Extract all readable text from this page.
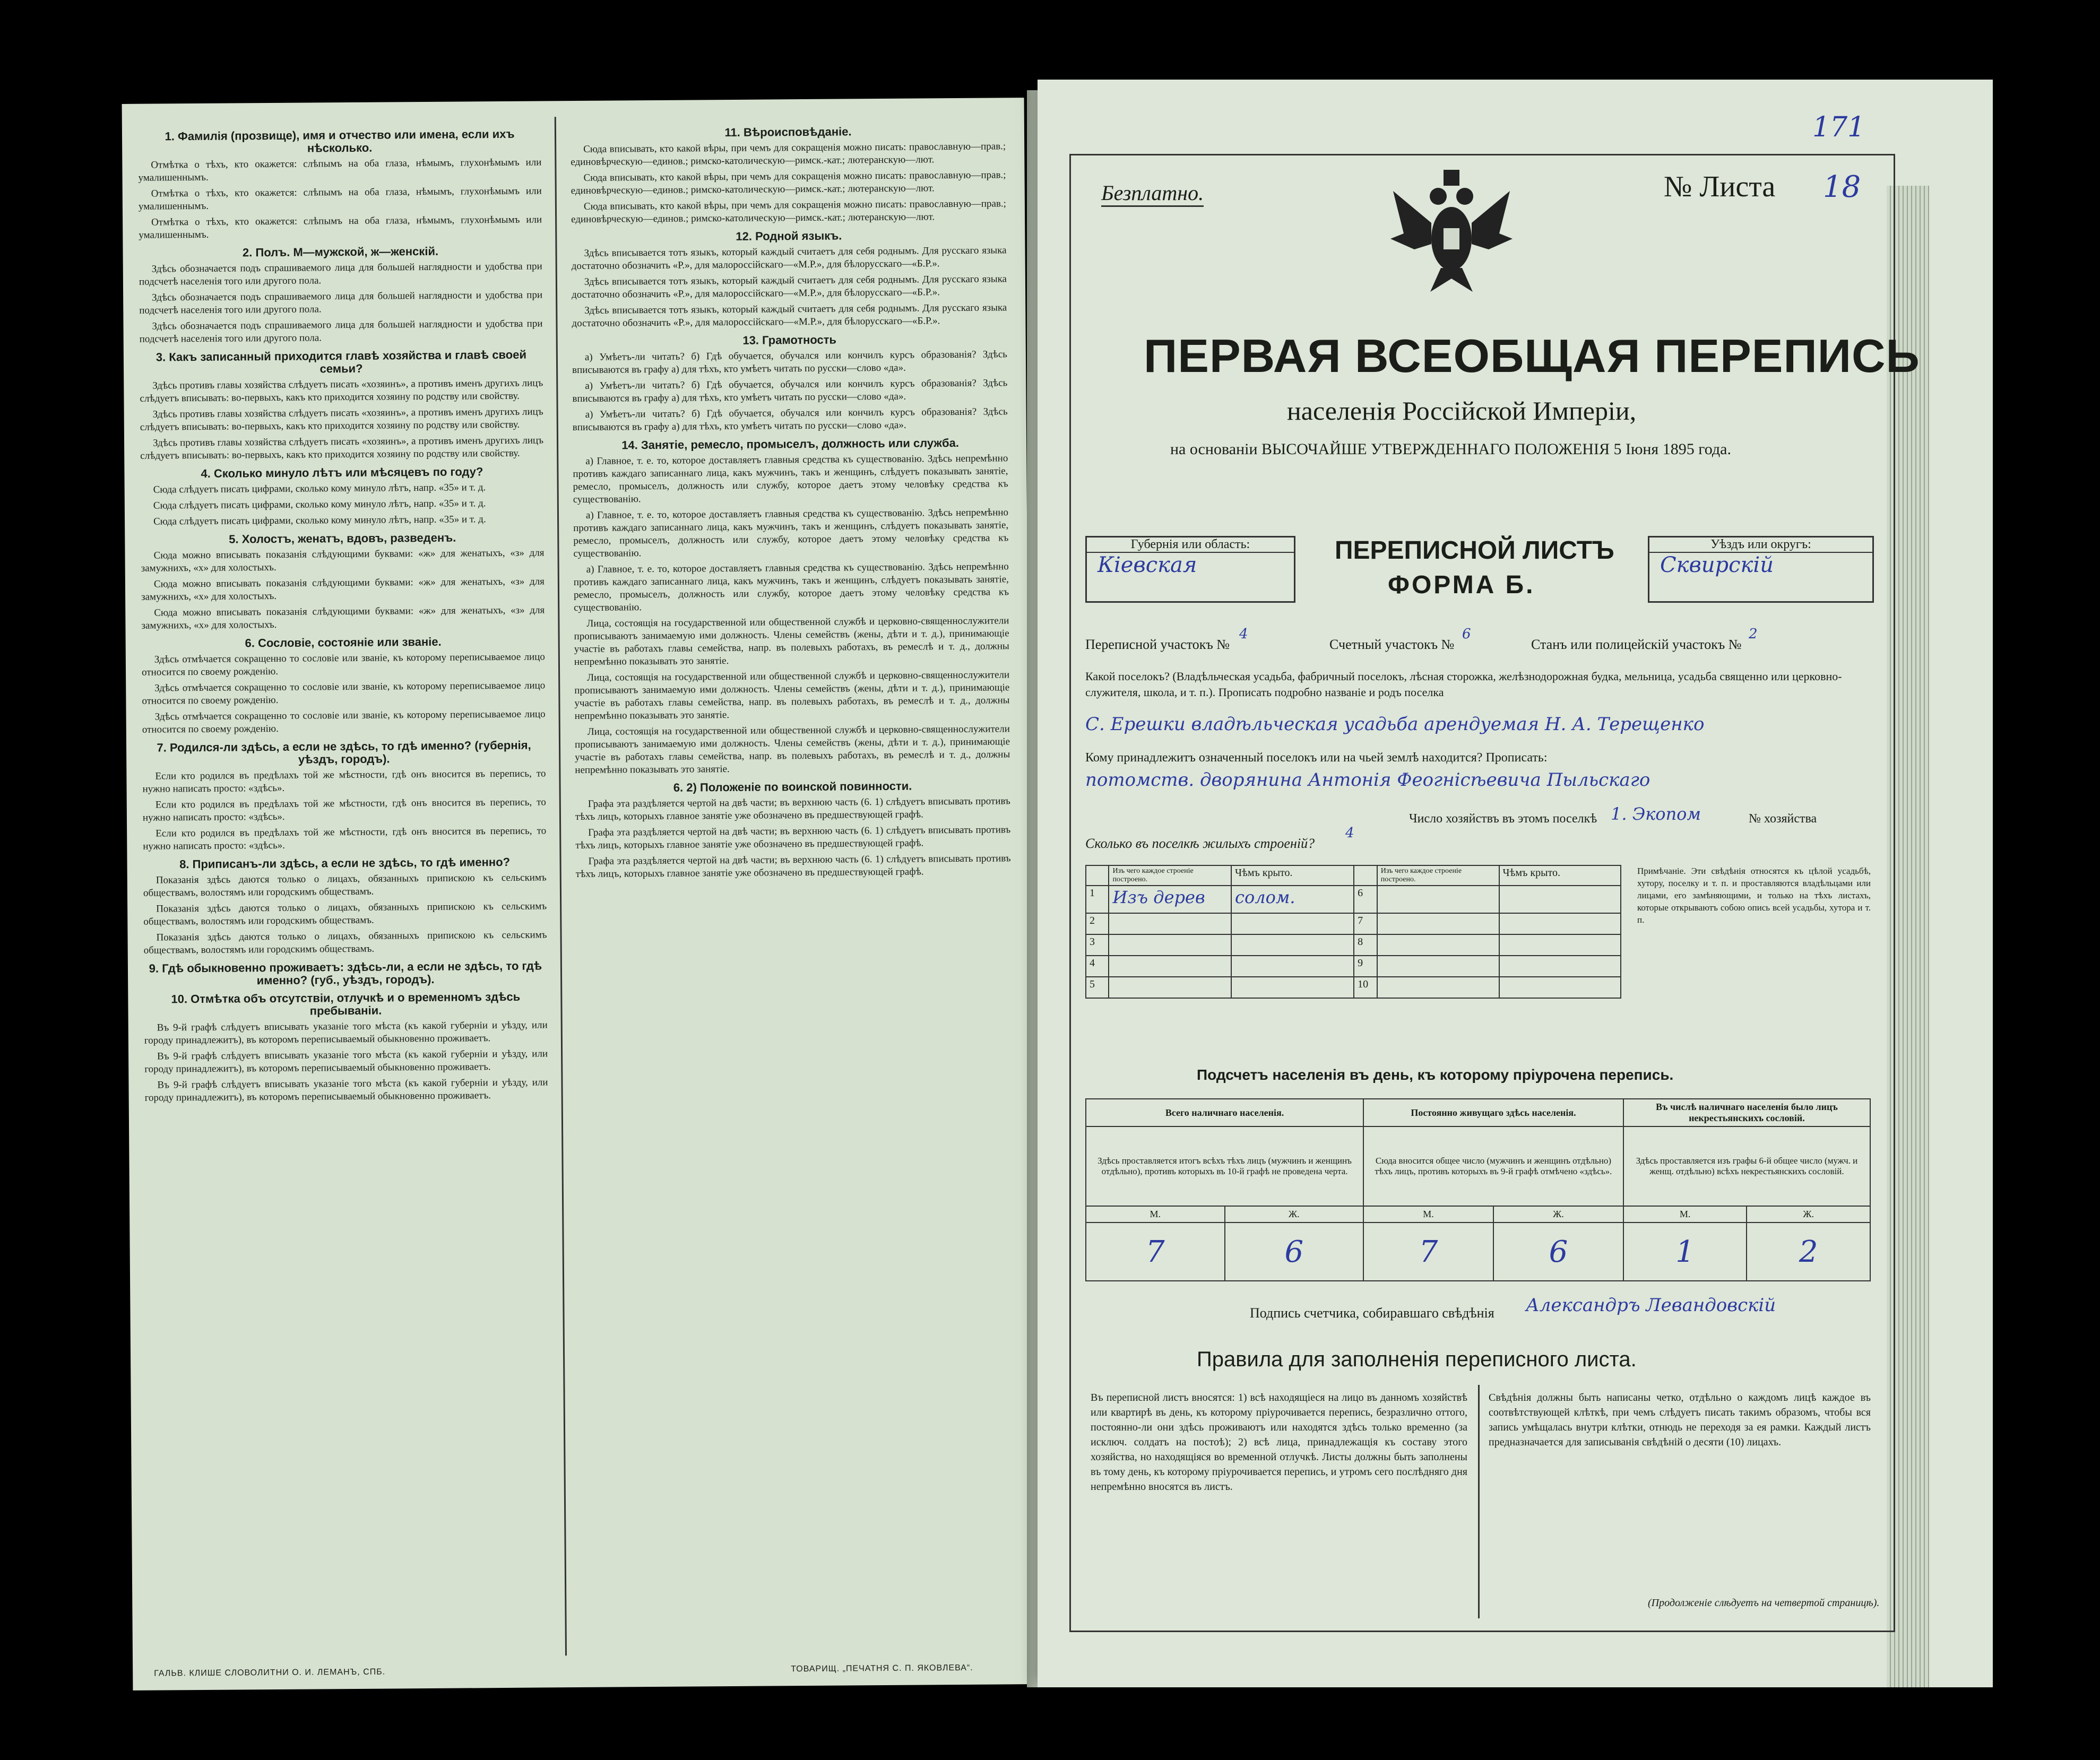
1. Фамилія (прозвище), имя и отчество или имена, если ихъ нѣсколько.

Отмѣтка о тѣхъ, кто окажется: слѣпымъ на оба глаза, нѣмымъ, глухонѣмымъ или умалишеннымъ.

Отмѣтка о тѣхъ, кто окажется: слѣпымъ на оба глаза, нѣмымъ, глухонѣмымъ или умалишеннымъ.

Отмѣтка о тѣхъ, кто окажется: слѣпымъ на оба глаза, нѣмымъ, глухонѣмымъ или умалишеннымъ.

2. Полъ. М—мужской, ж—женскій.

Здѣсь обозначается подъ спрашиваемого лица для большей наглядности и удобства при подсчетѣ населенія того или другого пола.

Здѣсь обозначается подъ спрашиваемого лица для большей наглядности и удобства при подсчетѣ населенія того или другого пола.

Здѣсь обозначается подъ спрашиваемого лица для большей наглядности и удобства при подсчетѣ населенія того или другого пола.

3. Какъ записанный приходится главѣ хозяйства и главѣ своей семьи?

Здѣсь противъ главы хозяйства слѣдуетъ писать «хозяинъ», а противъ именъ другихъ лицъ слѣдуетъ вписывать: во-первыхъ, какъ кто приходится хозяину по родству или свойству.

Здѣсь противъ главы хозяйства слѣдуетъ писать «хозяинъ», а противъ именъ другихъ лицъ слѣдуетъ вписывать: во-первыхъ, какъ кто приходится хозяину по родству или свойству.

Здѣсь противъ главы хозяйства слѣдуетъ писать «хозяинъ», а противъ именъ другихъ лицъ слѣдуетъ вписывать: во-первыхъ, какъ кто приходится хозяину по родству или свойству.

4. Сколько минуло лѣтъ или мѣсяцевъ по году?

Сюда слѣдуетъ писать цифрами, сколько кому минуло лѣтъ, напр. «35» и т. д.

Сюда слѣдуетъ писать цифрами, сколько кому минуло лѣтъ, напр. «35» и т. д.

Сюда слѣдуетъ писать цифрами, сколько кому минуло лѣтъ, напр. «35» и т. д.

5. Холостъ, женатъ, вдовъ, разведенъ.

Сюда можно вписывать показанія слѣдующими буквами: «ж» для женатыхъ, «з» для замужнихъ, «х» для холостыхъ.

Сюда можно вписывать показанія слѣдующими буквами: «ж» для женатыхъ, «з» для замужнихъ, «х» для холостыхъ.

Сюда можно вписывать показанія слѣдующими буквами: «ж» для женатыхъ, «з» для замужнихъ, «х» для холостыхъ.

6. Сословіе, состояніе или званіе.

Здѣсь отмѣчается сокращенно то сословіе или званіе, къ которому переписываемое лицо относится по своему рожденію.

Здѣсь отмѣчается сокращенно то сословіе или званіе, къ которому переписываемое лицо относится по своему рожденію.

Здѣсь отмѣчается сокращенно то сословіе или званіе, къ которому переписываемое лицо относится по своему рожденію.

7. Родился-ли здѣсь, а если не здѣсь, то гдѣ именно? (губернія, уѣздъ, городъ).

Если кто родился въ предѣлахъ той же мѣстности, гдѣ онъ вносится въ перепись, то нужно написать просто: «здѣсь».

Если кто родился въ предѣлахъ той же мѣстности, гдѣ онъ вносится въ перепись, то нужно написать просто: «здѣсь».

Если кто родился въ предѣлахъ той же мѣстности, гдѣ онъ вносится въ перепись, то нужно написать просто: «здѣсь».

8. Приписанъ-ли здѣсь, а если не здѣсь, то гдѣ именно?

Показанія здѣсь даются только о лицахъ, обязанныхъ припискою къ сельскимъ обществамъ, волостямъ или городскимъ обществамъ.

Показанія здѣсь даются только о лицахъ, обязанныхъ припискою къ сельскимъ обществамъ, волостямъ или городскимъ обществамъ.

Показанія здѣсь даются только о лицахъ, обязанныхъ припискою къ сельскимъ обществамъ, волостямъ или городскимъ обществамъ.

9. Гдѣ обыкновенно проживаетъ: здѣсь-ли, а если не здѣсь, то гдѣ именно? (губ., уѣздъ, городъ).
10. Отмѣтка объ отсутствіи, отлучкѣ и о временномъ здѣсь пребываніи.

Въ 9-й графѣ слѣдуетъ вписывать указаніе того мѣста (къ какой губерніи и уѣзду, или городу принадлежитъ), въ которомъ переписываемый обыкновенно проживаетъ.

Въ 9-й графѣ слѣдуетъ вписывать указаніе того мѣста (къ какой губерніи и уѣзду, или городу принадлежитъ), въ которомъ переписываемый обыкновенно проживаетъ.

Въ 9-й графѣ слѣдуетъ вписывать указаніе того мѣста (къ какой губерніи и уѣзду, или городу принадлежитъ), въ которомъ переписываемый обыкновенно проживаетъ.

11. Вѣроисповѣданіе.

Сюда вписывать, кто какой вѣры, при чемъ для сокращенія можно писать: православную—прав.; единовѣрческую—единов.; римско-католическую—римск.-кат.; лютеранскую—лют.

Сюда вписывать, кто какой вѣры, при чемъ для сокращенія можно писать: православную—прав.; единовѣрческую—единов.; римско-католическую—римск.-кат.; лютеранскую—лют.

Сюда вписывать, кто какой вѣры, при чемъ для сокращенія можно писать: православную—прав.; единовѣрческую—единов.; римско-католическую—римск.-кат.; лютеранскую—лют.

12. Родной языкъ.

Здѣсь вписывается тотъ языкъ, который каждый считаетъ для себя роднымъ. Для русскаго языка достаточно обозначить «Р.», для малороссійскаго—«М.Р.», для бѣлорусскаго—«Б.Р.».

Здѣсь вписывается тотъ языкъ, который каждый считаетъ для себя роднымъ. Для русскаго языка достаточно обозначить «Р.», для малороссійскаго—«М.Р.», для бѣлорусскаго—«Б.Р.».

Здѣсь вписывается тотъ языкъ, который каждый считаетъ для себя роднымъ. Для русскаго языка достаточно обозначить «Р.», для малороссійскаго—«М.Р.», для бѣлорусскаго—«Б.Р.».

13. Грамотность

а) Умѣетъ-ли читать? б) Гдѣ обучается, обучался или кончилъ курсъ образованія? Здѣсь вписываются въ графу а) для тѣхъ, кто умѣетъ читать по русски—слово «да».

а) Умѣетъ-ли читать? б) Гдѣ обучается, обучался или кончилъ курсъ образованія? Здѣсь вписываются въ графу а) для тѣхъ, кто умѣетъ читать по русски—слово «да».

а) Умѣетъ-ли читать? б) Гдѣ обучается, обучался или кончилъ курсъ образованія? Здѣсь вписываются въ графу а) для тѣхъ, кто умѣетъ читать по русски—слово «да».

14. Занятіе, ремесло, промыселъ, должность или служба.

а) Главное, т. е. то, которое доставляетъ главныя средства къ существованію. Здѣсь непремѣнно противъ каждаго записаннаго лица, какъ мужчинъ, такъ и женщинъ, слѣдуетъ показывать занятіе, ремесло, промыселъ, должность или службу, которое даетъ этому человѣку средства къ существованію.

а) Главное, т. е. то, которое доставляетъ главныя средства къ существованію. Здѣсь непремѣнно противъ каждаго записаннаго лица, какъ мужчинъ, такъ и женщинъ, слѣдуетъ показывать занятіе, ремесло, промыселъ, должность или службу, которое даетъ этому человѣку средства къ существованію.

а) Главное, т. е. то, которое доставляетъ главныя средства къ существованію. Здѣсь непремѣнно противъ каждаго записаннаго лица, какъ мужчинъ, такъ и женщинъ, слѣдуетъ показывать занятіе, ремесло, промыселъ, должность или службу, которое даетъ этому человѣку средства къ существованію.

Лица, состоящія на государственной или общественной службѣ и церковно-священнослужители прописываютъ занимаемую ими должность. Члены семействъ (жены, дѣти и т. д.), принимающіе участіе въ работахъ главы семейства, напр. въ полевыхъ работахъ, въ ремеслѣ и т. д., должны непремѣнно показывать это занятіе.

Лица, состоящія на государственной или общественной службѣ и церковно-священнослужители прописываютъ занимаемую ими должность. Члены семействъ (жены, дѣти и т. д.), принимающіе участіе въ работахъ главы семейства, напр. въ полевыхъ работахъ, въ ремеслѣ и т. д., должны непремѣнно показывать это занятіе.

Лица, состоящія на государственной или общественной службѣ и церковно-священнослужители прописываютъ занимаемую ими должность. Члены семействъ (жены, дѣти и т. д.), принимающіе участіе въ работахъ главы семейства, напр. въ полевыхъ работахъ, въ ремеслѣ и т. д., должны непремѣнно показывать это занятіе.

6. 2) Положеніе по воинской повинности.

Графа эта раздѣляется чертой на двѣ части; въ верхнюю часть (6. 1) слѣдуетъ вписывать противъ тѣхъ лицъ, которыхъ главное занятіе уже обозначено въ предшествующей графѣ.

Графа эта раздѣляется чертой на двѣ части; въ верхнюю часть (6. 1) слѣдуетъ вписывать противъ тѣхъ лицъ, которыхъ главное занятіе уже обозначено въ предшествующей графѣ.

Графа эта раздѣляется чертой на двѣ части; въ верхнюю часть (6. 1) слѣдуетъ вписывать противъ тѣхъ лицъ, которыхъ главное занятіе уже обозначено въ предшествующей графѣ.

ГАЛЬВ. КЛИШЕ СЛОВОЛИТНИ О. И. ЛЕМАНЪ, СПБ.	ТОВАРИЩ. „ПЕЧАТНЯ С. П. ЯКОВЛЕВА“.
171
Безплатно.	№ Листа 18
ПЕРВАЯ ВСЕОБЩАЯ ПЕРЕПИСЬ
населенія Россійской Имперіи,
на основаніи ВЫСОЧАЙШЕ УТВЕРЖДЕННАГО ПОЛОЖЕНІЯ 5 Іюня 1895 года.
Губернія или область:
Кіевская
ПЕРЕПИСНОЙ ЛИСТЪ
ФОРМА Б.
Уѣздъ или округъ:
Сквирскій
Переписной участокъ №
4
Счетный участокъ №
6
Станъ или полицейскій участокъ №
2
Какой поселокъ? (Владѣльческая усадьба, фабричный поселокъ, лѣсная сторожка, желѣзнодорожная будка, мельница, усадьба священно или церковно-служителя, школа, и т. п.). Прописать подробно названіе и родъ поселка
С. Ерешки владѣльческая усадьба арендуемая Н. А. Терещенко
Кому принадлежитъ означенный поселокъ или на чьей землѣ находится? Прописать:
потомств. дворянина Антонія Феогнісѣевича Пыльскаго
Число хозяйствъ въ этомъ поселкѣ 1. Экопом	№ хозяйства
Сколько въ поселкѣ жилыхъ строеній?
4
	Изъ чего каждое строеніе построено.	Чѣмъ крыто.		Изъ чего каждое строеніе построено.	Чѣмъ крыто.
1	Изъ дерев	солом.	6		
2			7		
3			8		
4			9		
5			10		
Примѣчаніе. Эти свѣдѣнія относятся къ цѣлой усадьбѣ, хутору, поселку и т. п. и проставляются владѣльцами или лицами, его замѣняющими, и только на тѣхъ листахъ, которые открываютъ собою опись всей усадьбы, хутора и т. п.
Подсчетъ населенія въ день, къ которому пріурочена перепись.
Всего наличнаго населенія.		Постоянно живущаго здѣсь населенія.		Въ числѣ наличнаго населенія было лицъ некрестьянскихъ сословій.	
Здѣсь проставляется итогъ всѣхъ тѣхъ лицъ (мужчинъ и женщинъ отдѣльно), противъ которыхъ въ 10-й графѣ не проведена черта.		Сюда вносится общее число (мужчинъ и женщинъ отдѣльно) тѣхъ лицъ, противъ которыхъ въ 9-й графѣ отмѣчено «здѣсь».		Здѣсь проставляется изъ графы 6-й общее число (мужч. и женщ. отдѣльно) всѣхъ некрестьянскихъ сословій.	
М.	Ж.	М.	Ж.	М.	Ж.
7	6	7	6	1	2
Подпись счетчика, собиравшаго свѣдѣнія Александръ Левандовскій
Правила для заполненія переписного листа.
Въ переписной листъ вносятся: 1) всѣ находящіеся на лицо въ данномъ хозяйствѣ или квартирѣ въ день, къ которому пріурочивается перепись, безразлично оттого, постоянно-ли они здѣсь проживаютъ или находятся здѣсь только временно (за исключ. солдатъ на постоѣ); 2) всѣ лица, принадлежащія къ составу этого хозяйства, но находящіяся во временной отлучкѣ. Листы должны быть заполнены въ тому день, къ которому пріурочивается перепись, и утромъ сего послѣдняго дня непремѣнно вносятся въ листъ.
Свѣдѣнія должны быть написаны четко, отдѣльно о каждомъ лицѣ каждое въ соотвѣтствующей клѣткѣ, при чемъ слѣдуетъ писать такимъ образомъ, чтобы вся запись умѣщалась внутри клѣтки, отнюдь не переходя за ея рамки. Каждый листъ предназначается для записыванія свѣдѣній о десяти (10) лицахъ.
(Продолженіе слѣдуетъ на четвертой страницѣ).
